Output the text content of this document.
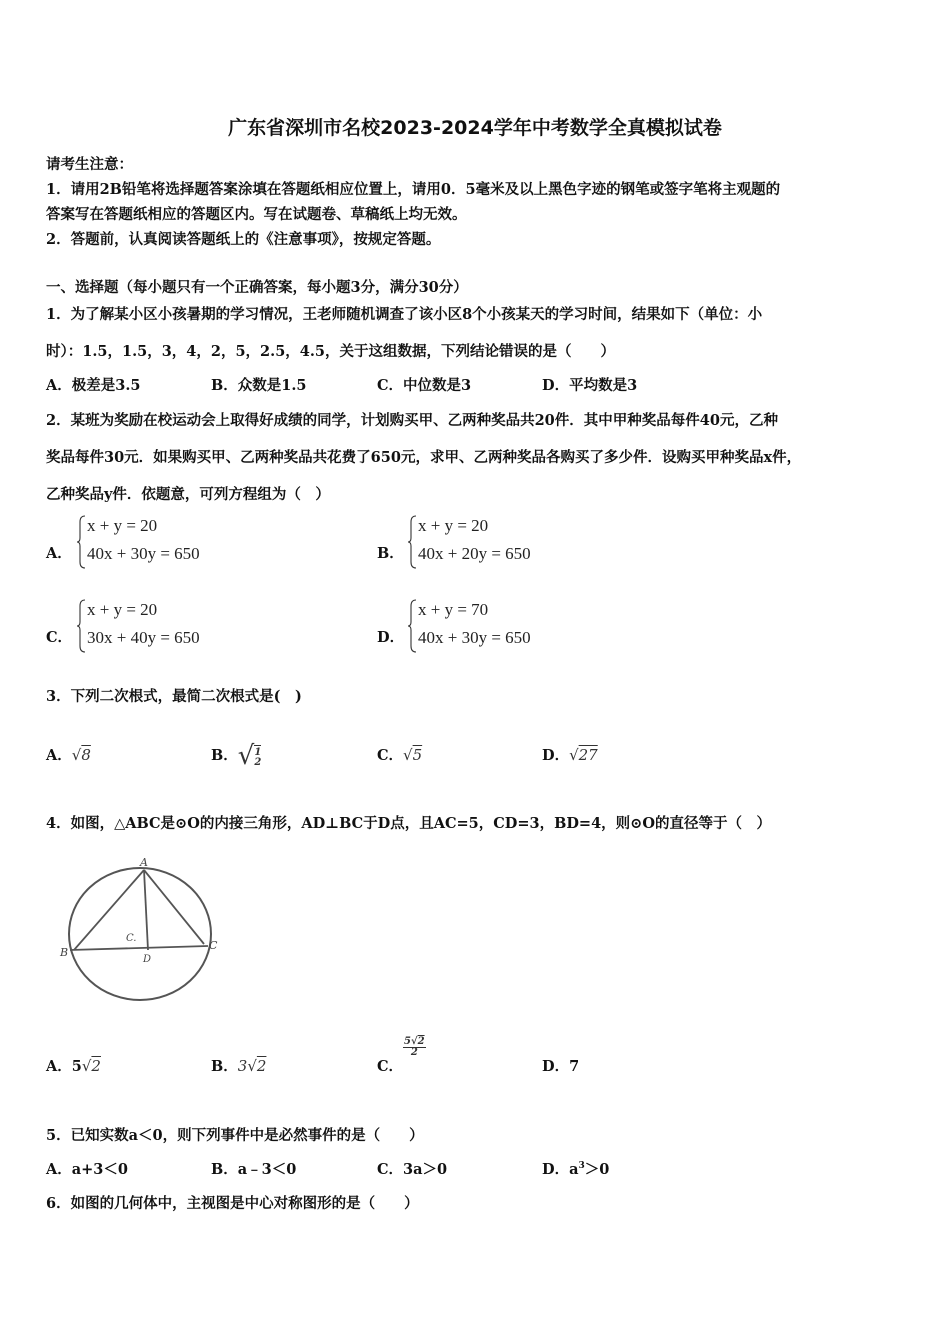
广东省深圳市名校2023-2024学年中考数学全真模拟试卷
请考生注意：
1．请用2B铅笔将选择题答案涂填在答题纸相应位置上，请用0．5毫米及以上黑色字迹的钢笔或签字笔将主观题的
答案写在答题纸相应的答题区内。写在试题卷、草稿纸上均无效。
2．答题前，认真阅读答题纸上的《注意事项》，按规定答题。
一、选择题（每小题只有一个正确答案，每小题3分，满分30分）
1．为了解某小区小孩暑期的学习情况，王老师随机调查了该小区8个小孩某天的学习时间，结果如下（单位：小
时）：1.5，1.5，3，4，2，5，2.5，4.5，关于这组数据，下列结论错误的是（　　）
A．极差是3.5	B．众数是1.5	C．中位数是3	D．平均数是3
2．某班为奖励在校运动会上取得好成绩的同学，计划购买甲、乙两种奖品共20件．其中甲种奖品每件40元，乙种
奖品每件30元．如果购买甲、乙两种奖品共花费了650元，求甲、乙两种奖品各购买了多少件．设购买甲种奖品x件，
乙种奖品y件．依题意，可列方程组为（　）
A．
x + y = 20
40x + 30y = 650	B．
x + y = 20
40x + 20y = 650
C．
x + y = 20
30x + 40y = 650	D．
x + y = 70
40x + 30y = 650
3．下列二次根式，最简二次根式是(　)
A．√8	B．√1
2	C．√5	D．√27
4．如图，△ABC是⊙O的内接三角形，AD⊥BC于D点，且AC=5，CD=3，BD=4，则⊙O的直径等于（　）
A
B
C
D
C.
A．5√2	B．3√2	C．$\frac{5√2}{2}$
D．7
5．已知实数a＜0，则下列事件中是必然事件的是（　　）
A．a+3＜0	B．a﹣3＜0	C．3a＞0	D．$a^3>0$
6．如图的几何体中，主视图是中心对称图形的是（　　）
